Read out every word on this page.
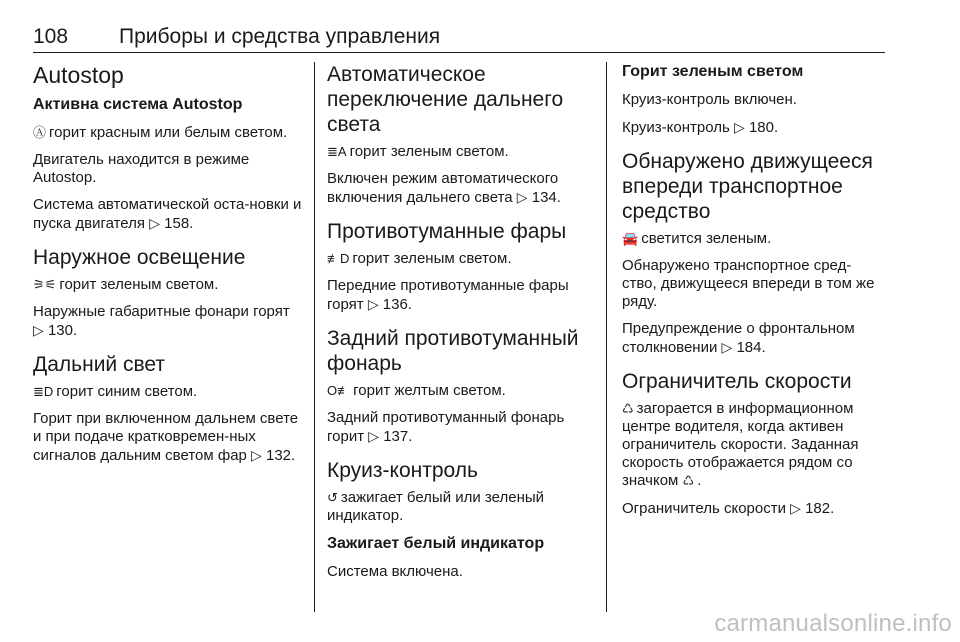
108 Приборы и средства управления
Autostop
Активна система Autostop

Ⓐ горит красным или белым светом.

Двигатель находится в режиме Autostop.

Система автоматической оста-новки и пуска двигателя ▷ 158.

Наружное освещение

⚞⚟ горит зеленым светом.

Наружные габаритные фонари горят ▷ 130.

Дальний свет

≣D горит синим светом.

Горит при включенном дальнем свете и при подаче кратковремен-ных сигналов дальним светом фар ▷ 132.

Автоматическое переключение дальнего света

≣A горит зеленым светом.

Включен режим автоматического включения дальнего света ▷ 134.

Противотуманные фары

≢D горит зеленым светом.

Передние противотуманные фары горят ▷ 136.

Задний противотуманный фонарь

O≢ горит желтым светом.

Задний противотуманный фонарь горит ▷ 137.

Круиз-контроль

↺ зажигает белый или зеленый индикатор.

Зажигает белый индикатор

Система включена.

Горит зеленым светом

Круиз-контроль включен.

Круиз-контроль ▷ 180.

Обнаружено движущееся впереди транспортное средство

🚘 светится зеленым.

Обнаружено транспортное сред-ство, движущееся впереди в том же ряду.

Предупреждение о фронтальном столкновении ▷ 184.

Ограничитель скорости

♺ загорается в информационном центре водителя, когда активен ограничитель скорости. Заданная скорость отображается рядом со значком ♺ .

Ограничитель скорости ▷ 182.

carmanualsonline.info
